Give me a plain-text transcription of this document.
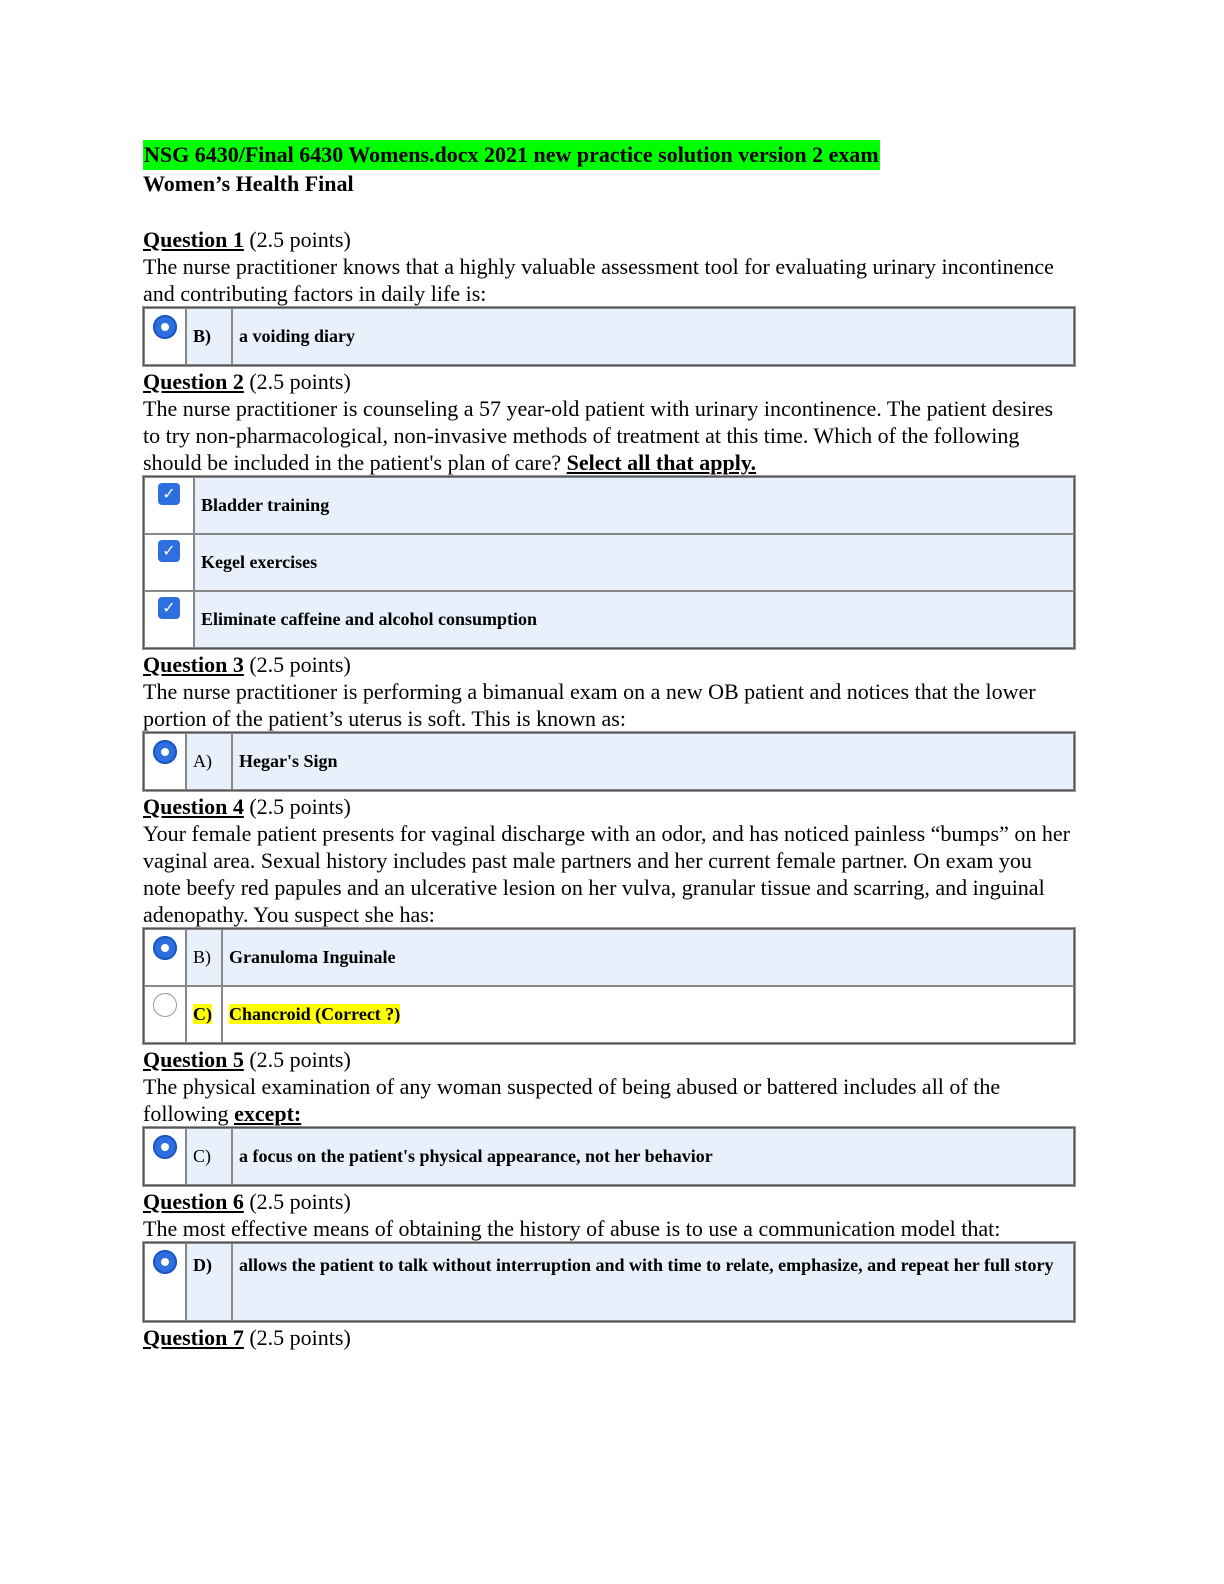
NSG 6430/Final 6430 Womens.docx 2021 new practice solution version 2 exam
Women’s Health Final
Question 1 (2.5 points)
The nurse practitioner knows that a highly valuable assessment tool for evaluating urinary incontinence and contributing factors in daily life is:
	B)	a voiding diary
Question 2 (2.5 points)
The nurse practitioner is counseling a 57 year-old patient with urinary incontinence. The patient desires to try non-pharmacological, non-invasive methods of treatment at this time. Which of the following should be included in the patient's plan of care? Select all that apply.
✓	Bladder training
✓	Kegel exercises
✓	Eliminate caffeine and alcohol consumption
Question 3 (2.5 points)
The nurse practitioner is performing a bimanual exam on a new OB patient and notices that the lower portion of the patient’s uterus is soft. This is known as:
	A)	Hegar's Sign
Question 4 (2.5 points)
Your female patient presents for vaginal discharge with an odor, and has noticed painless “bumps” on her vaginal area. Sexual history includes past male partners and her current female partner. On exam you note beefy red papules and an ulcerative lesion on her vulva, granular tissue and scarring, and inguinal adenopathy. You suspect she has:
	B)	Granuloma Inguinale
	C)	Chancroid (Correct ?)
Question 5 (2.5 points)
The physical examination of any woman suspected of being abused or battered includes all of the following except:
	C)	a focus on the patient's physical appearance, not her behavior
Question 6 (2.5 points)
The most effective means of obtaining the history of abuse is to use a communication model that:
	D)	allows the patient to talk without interruption and with time to relate, emphasize, and repeat her full story
Question 7 (2.5 points)
